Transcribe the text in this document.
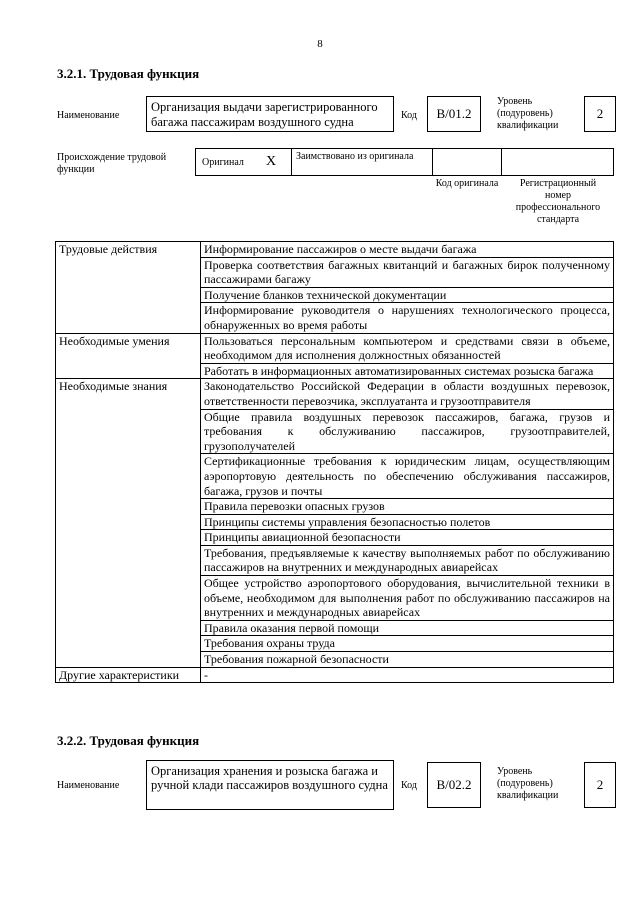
8
3.2.1. Трудовая функция
Наименование
Организация выдачи зарегистрированного багажа пассажирам воздушного судна	Код	B/01.2
Уровень (подуровень) квалификации
2
Происхождение трудовой функции
Оригинал X	Заимствовано из оригинала
Код оригинала	Регистрационный номер профессионального стандарта
Трудовые действия	Информирование пассажиров о месте выдачи багажа
	Проверка соответствия багажных квитанций и багажных бирок полученному пассажирами багажу
	Получение бланков технической документации
	Информирование руководителя о нарушениях технологического процесса, обнаруженных во время работы
Необходимые умения	Пользоваться персональным компьютером и средствами связи в объеме, необходимом для исполнения должностных обязанностей
	Работать в информационных автоматизированных системах розыска багажа
Необходимые знания	Законодательство Российской Федерации в области воздушных перевозок, ответственности перевозчика, эксплуатанта и грузоотправителя
	Общие правила воздушных перевозок пассажиров, багажа, грузов и требования к обслуживанию пассажиров, грузоотправителей, грузополучателей
	Сертификационные требования к юридическим лицам, осуществляющим аэропортовую деятельность по обеспечению обслуживания пассажиров, багажа, грузов и почты
	Правила перевозки опасных грузов
	Принципы системы управления безопасностью полетов
	Принципы авиационной безопасности
	Требования, предъявляемые к качеству выполняемых работ по обслуживанию пассажиров на внутренних и международных авиарейсах
	Общее устройство аэропортового оборудования, вычислительной техники в объеме, необходимом для выполнения работ по обслуживанию пассажиров на внутренних и международных авиарейсах
	Правила оказания первой помощи
	Требования охраны труда
	Требования пожарной безопасности
Другие характеристики	-
3.2.2. Трудовая функция
Наименование
Организация хранения и розыска багажа и ручной клади пассажиров воздушного судна	Код	B/02.2
Уровень (подуровень) квалификации
2
